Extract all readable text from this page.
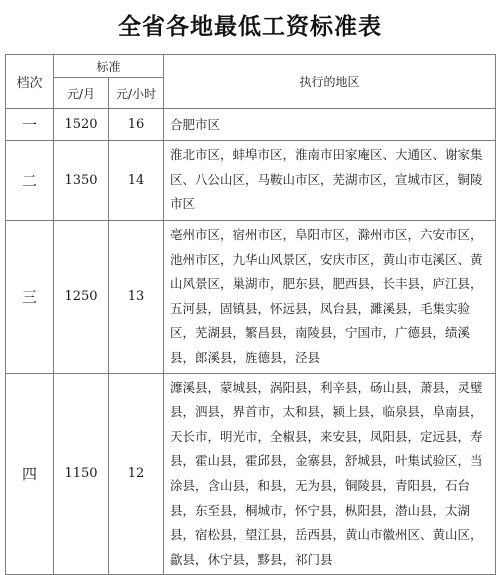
全省各地最低工资标准表
档次	标准		执行的地区
	元/月	元/小时	
一	1520	16	合肥市区
二	1350	14	淮北市区，蚌埠市区，淮南市田家庵区、大通区、谢家集区、八公山区，马鞍山市区，芜湖市区，宣城市区，铜陵市区
三	1250	13	亳州市区，宿州市区，阜阳市区，滁州市区，六安市区，池州市区，九华山风景区，安庆市区，黄山市屯溪区、黄山风景区，巢湖市，肥东县，肥西县，长丰县，庐江县，五河县，固镇县，怀远县，凤台县，濉溪县，毛集实验区，芜湖县，繁昌县，南陵县，宁国市，广德县，绩溪县，郎溪县，旌德县，泾县
四	1150	12	灖溪县，蒙城县，涡阳县，利辛县，砀山县，萧县，灵璧县，泗县，界首市，太和县，颍上县，临泉县，阜南县，天长市，明光市，全椒县，来安县，凤阳县，定远县，寿县，霍山县，霍邱县，金寨县，舒城县，叶集试验区，当涂县，含山县，和县，无为县，铜陵县，青阳县，石台县，东至县，桐城市，怀宁县，枞阳县，潜山县，太湖县，宿松县，望江县，岳西县，黄山市徽州区、黄山区，歙县，休宁县，黟县，祁门县
